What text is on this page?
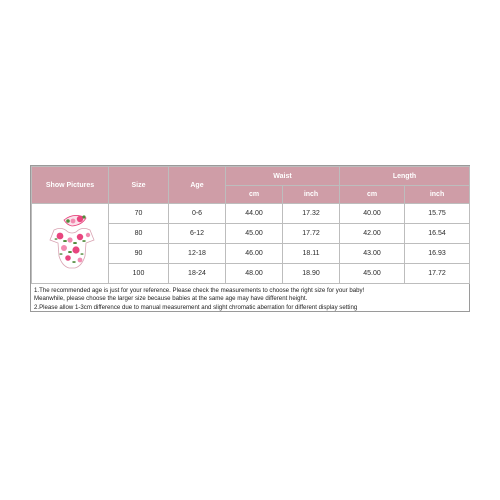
Show Pictures	Size	Age	Waist		Length	
			cm	inch	cm	inch
	70	0-6	44.00	17.32	40.00	15.75
	80	6-12	45.00	17.72	42.00	16.54
	90	12-18	46.00	18.11	43.00	16.93
	100	18-24	48.00	18.90	45.00	17.72

1.The recommended age is just for your reference. Please check the measurements to choose the right size for your baby!

Meanwhile, please choose the larger size because babies at the same age may have different height.

2.Please allow 1-3cm difference due to manual measurement and slight chromatic aberration for different display setting
